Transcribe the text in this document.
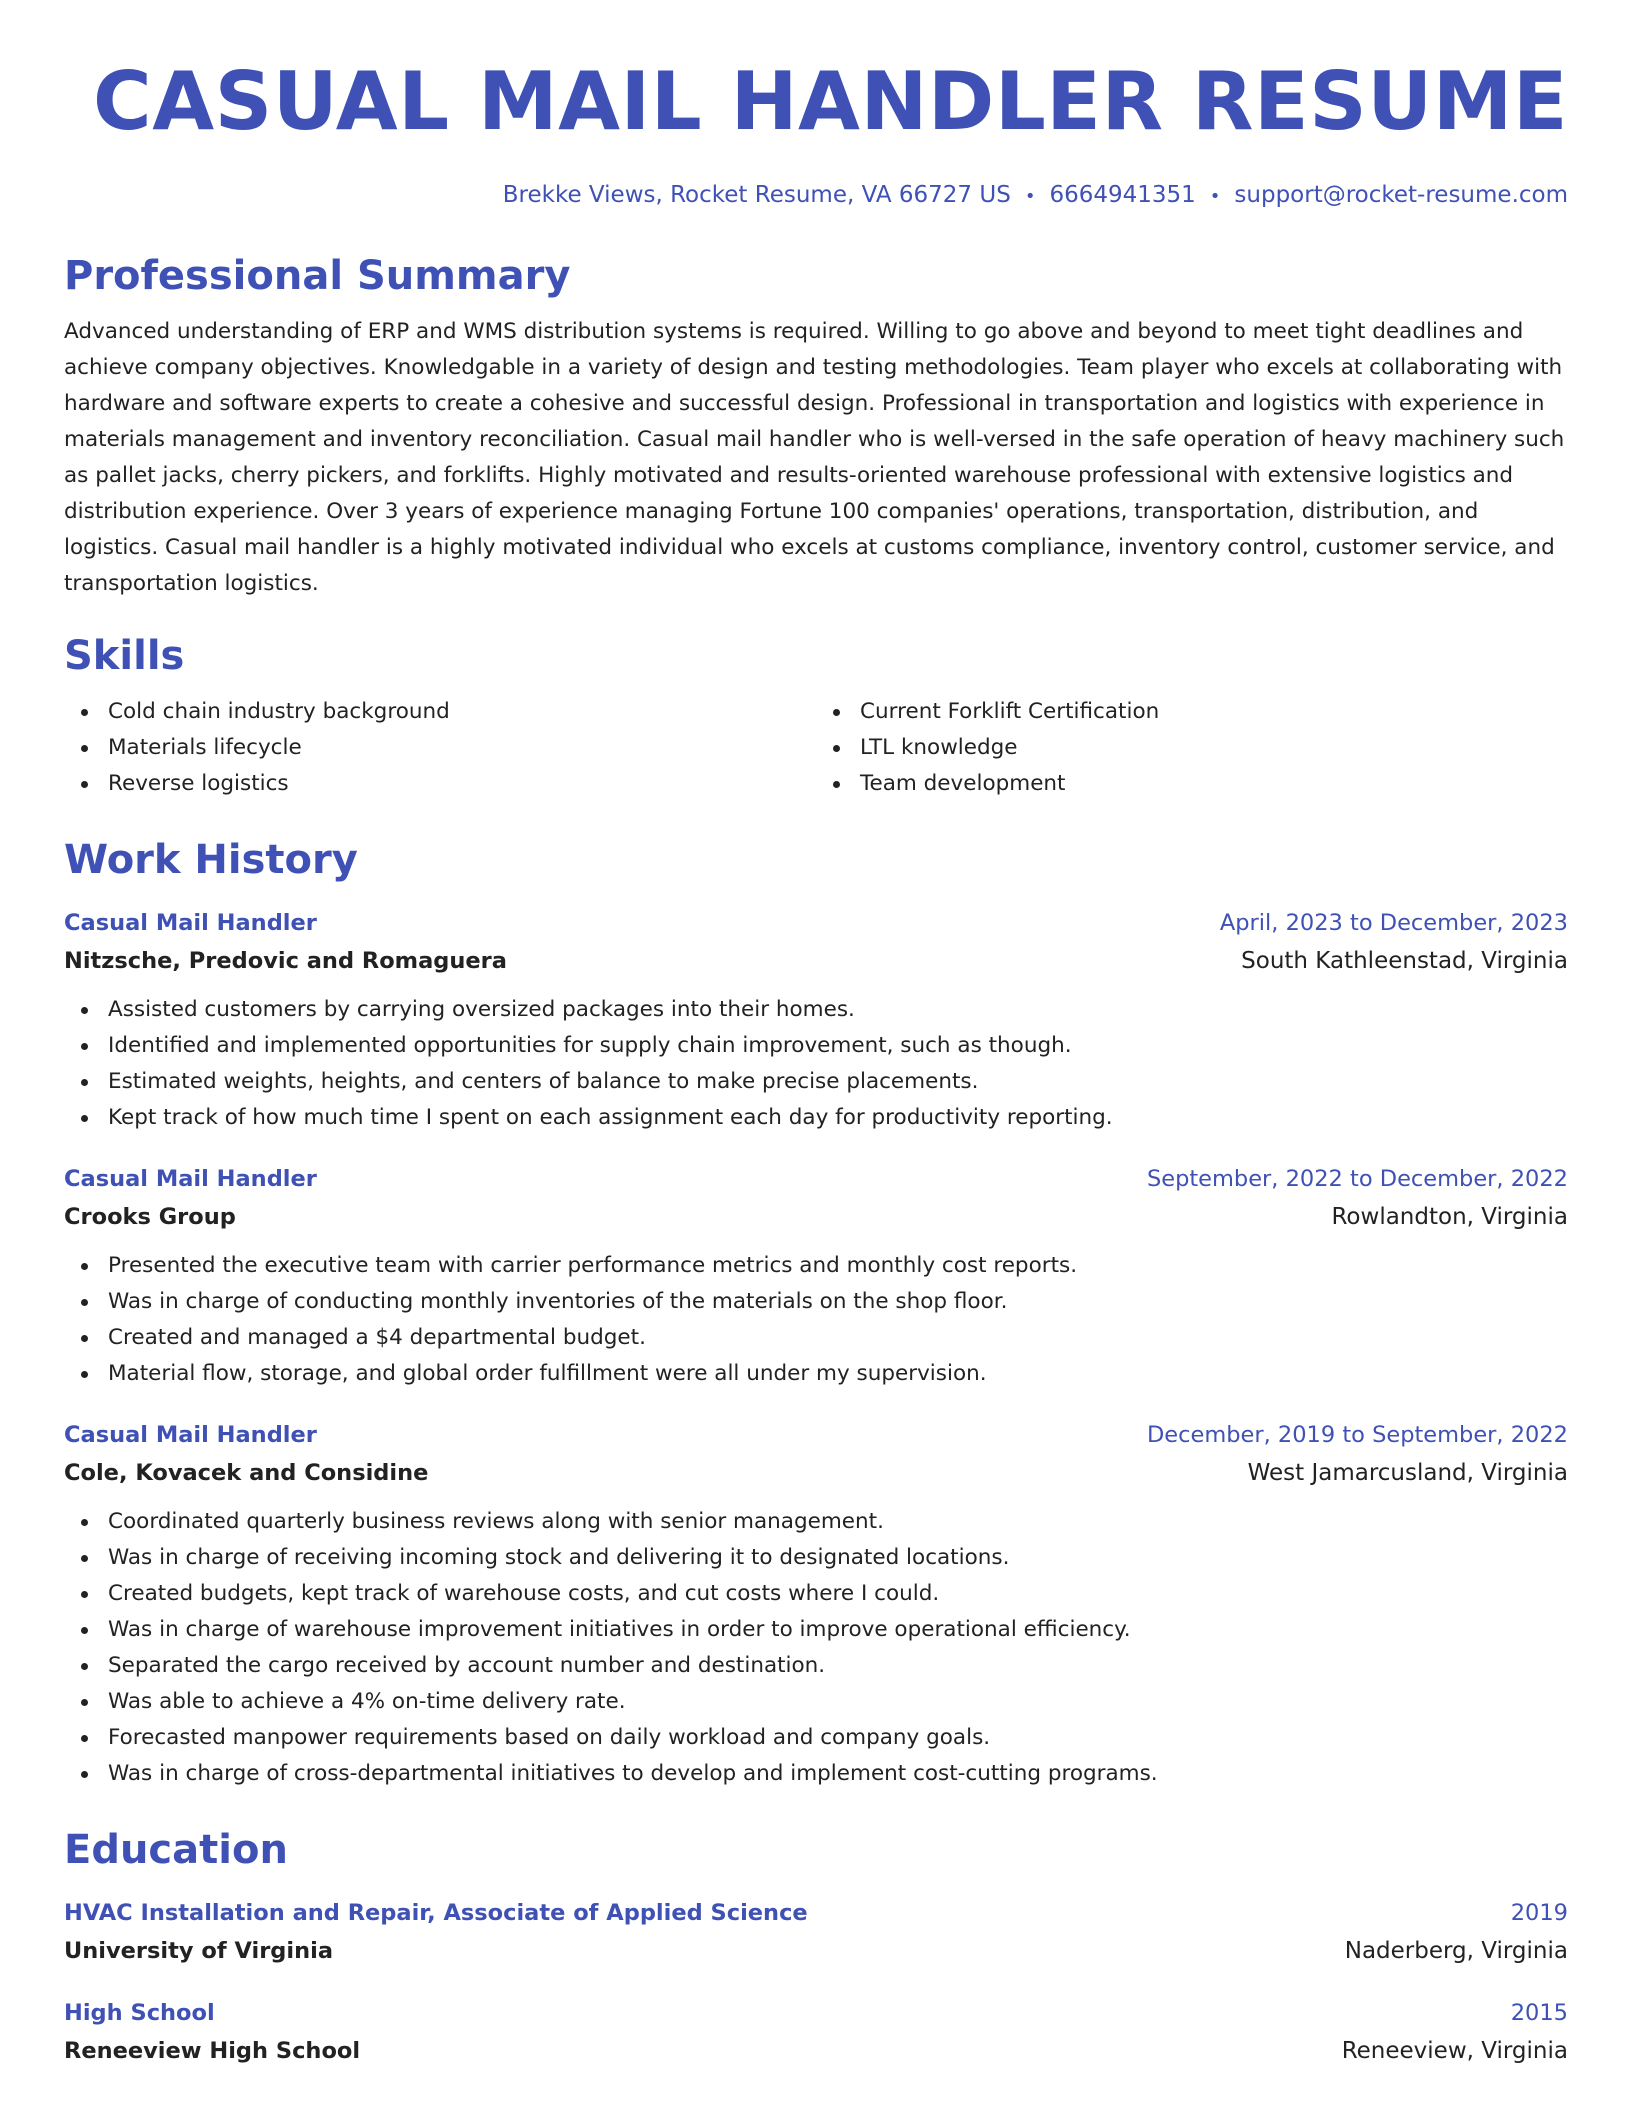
CASUAL MAIL HANDLER RESUME
Brekke Views, Rocket Resume, VA 66727 US • 6664941351 • support@rocket-resume.com
Professional Summary

Advanced understanding of ERP and WMS distribution systems is required. Willing to go above and beyond to meet tight deadlines and achieve company objectives. Knowledgable in a variety of design and testing methodologies. Team player who excels at collaborating with hardware and software experts to create a cohesive and successful design. Professional in transportation and logistics with experience in materials management and inventory reconciliation. Casual mail handler who is well-versed in the safe operation of heavy machinery such as pallet jacks, cherry pickers, and forklifts. Highly motivated and results-oriented warehouse professional with extensive logistics and distribution experience. Over 3 years of experience managing Fortune 100 companies' operations, transportation, distribution, and logistics. Casual mail handler is a highly motivated individual who excels at customs compliance, inventory control, customer service, and transportation logistics.

Skills
Cold chain industry background
Materials lifecycle
Reverse logistics
Current Forklift Certification
LTL knowledge
Team development
Work History
Casual Mail Handler	April, 2023 to December, 2023
Nitzsche, Predovic and Romaguera	South Kathleenstad, Virginia
Assisted customers by carrying oversized packages into their homes.
Identified and implemented opportunities for supply chain improvement, such as though.
Estimated weights, heights, and centers of balance to make precise placements.
Kept track of how much time I spent on each assignment each day for productivity reporting.
Casual Mail Handler	September, 2022 to December, 2022
Crooks Group	Rowlandton, Virginia
Presented the executive team with carrier performance metrics and monthly cost reports.
Was in charge of conducting monthly inventories of the materials on the shop floor.
Created and managed a $4 departmental budget.
Material flow, storage, and global order fulfillment were all under my supervision.
Casual Mail Handler	December, 2019 to September, 2022
Cole, Kovacek and Considine	West Jamarcusland, Virginia
Coordinated quarterly business reviews along with senior management.
Was in charge of receiving incoming stock and delivering it to designated locations.
Created budgets, kept track of warehouse costs, and cut costs where I could.
Was in charge of warehouse improvement initiatives in order to improve operational efficiency.
Separated the cargo received by account number and destination.
Was able to achieve a 4% on-time delivery rate.
Forecasted manpower requirements based on daily workload and company goals.
Was in charge of cross-departmental initiatives to develop and implement cost-cutting programs.
Education
HVAC Installation and Repair, Associate of Applied Science	2019
University of Virginia	Naderberg, Virginia
High School	2015
Reneeview High School	Reneeview, Virginia
